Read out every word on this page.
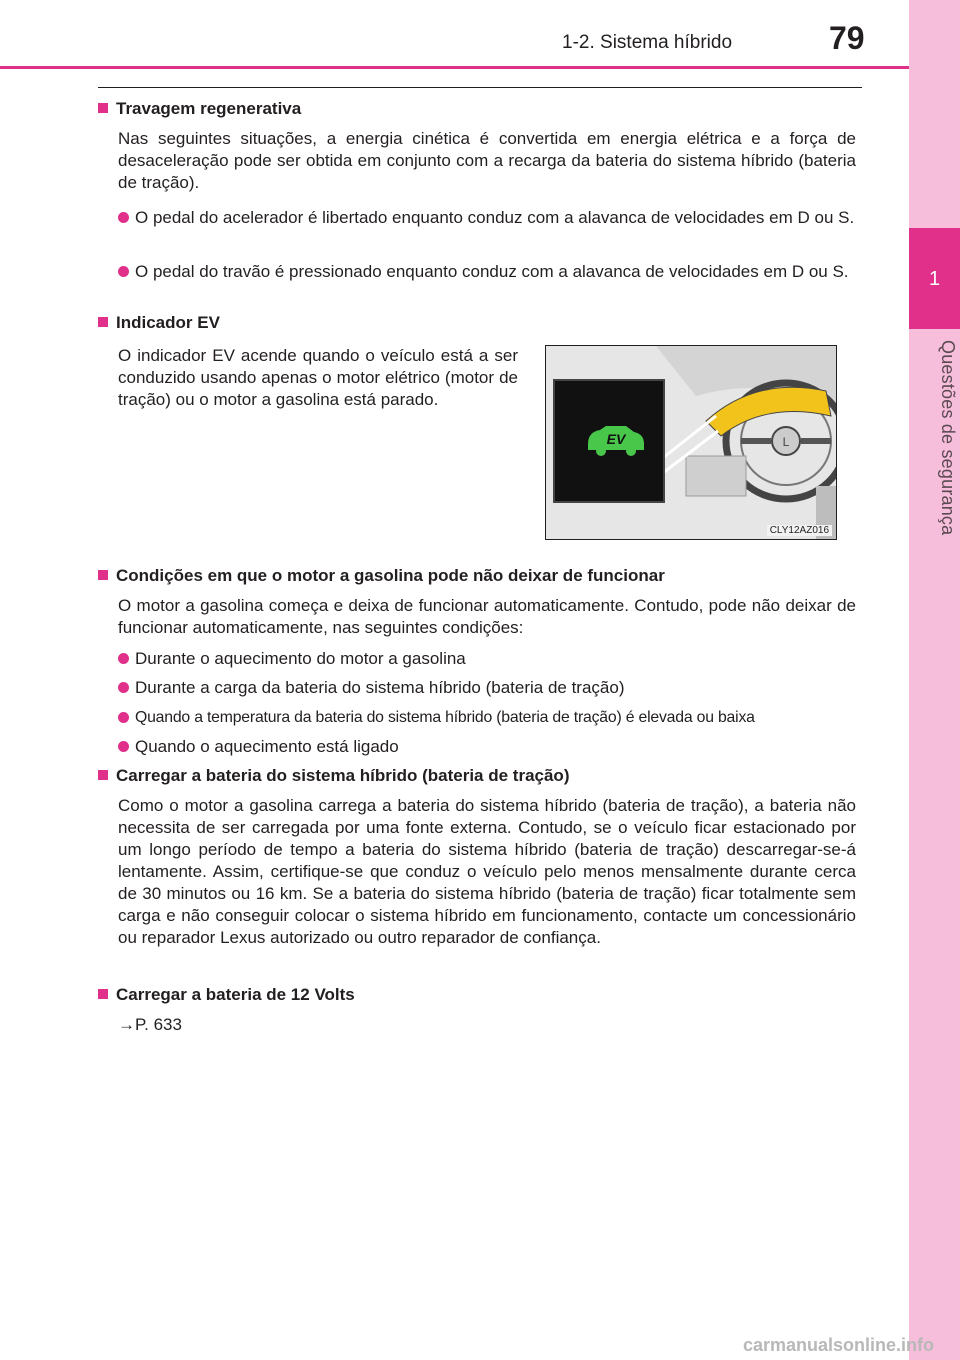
1
Questões de segurança
1-2. Sistema híbrido	79
Travagem regenerativa
Nas seguintes situações, a energia cinética é convertida em energia elétrica e a força de desaceleração pode ser obtida em conjunto com a recarga da bateria do sistema híbrido (bateria de tração).
O pedal do acelerador é libertado enquanto conduz com a alavanca de velocidades em D ou S.
O pedal do travão é pressionado enquanto conduz com a alavanca de velocidades em D ou S.
Indicador EV
O indicador EV acende quando o veículo está a ser conduzido usando apenas o motor elétrico (motor de tração) ou o motor a gasolina está parado.
L
EV
CLY12AZ016
Condições em que o motor a gasolina pode não deixar de funcionar
O motor a gasolina começa e deixa de funcionar automaticamente. Contudo, pode não deixar de funcionar automaticamente, nas seguintes condições:
Durante o aquecimento do motor a gasolina
Durante a carga da bateria do sistema híbrido (bateria de tração)
Quando a temperatura da bateria do sistema híbrido (bateria de tração) é elevada ou baixa
Quando o aquecimento está ligado
Carregar a bateria do sistema híbrido (bateria de tração)
Como o motor a gasolina carrega a bateria do sistema híbrido (bateria de tração), a bateria não necessita de ser carregada por uma fonte externa. Contudo, se o veículo ficar estacionado por um longo período de tempo a bateria do sistema híbrido (bateria de tração) descarregar-se-á lentamente. Assim, certifique-se que conduz o veículo pelo menos mensalmente durante cerca de 30 minutos ou 16 km. Se a bateria do sistema híbrido (bateria de tração) ficar totalmente sem carga e não conseguir colocar o sistema híbrido em funcionamento, contacte um concessionário ou reparador Lexus autorizado ou outro reparador de confiança.
Carregar a bateria de 12 Volts
→P. 633
carmanualsonline.info
